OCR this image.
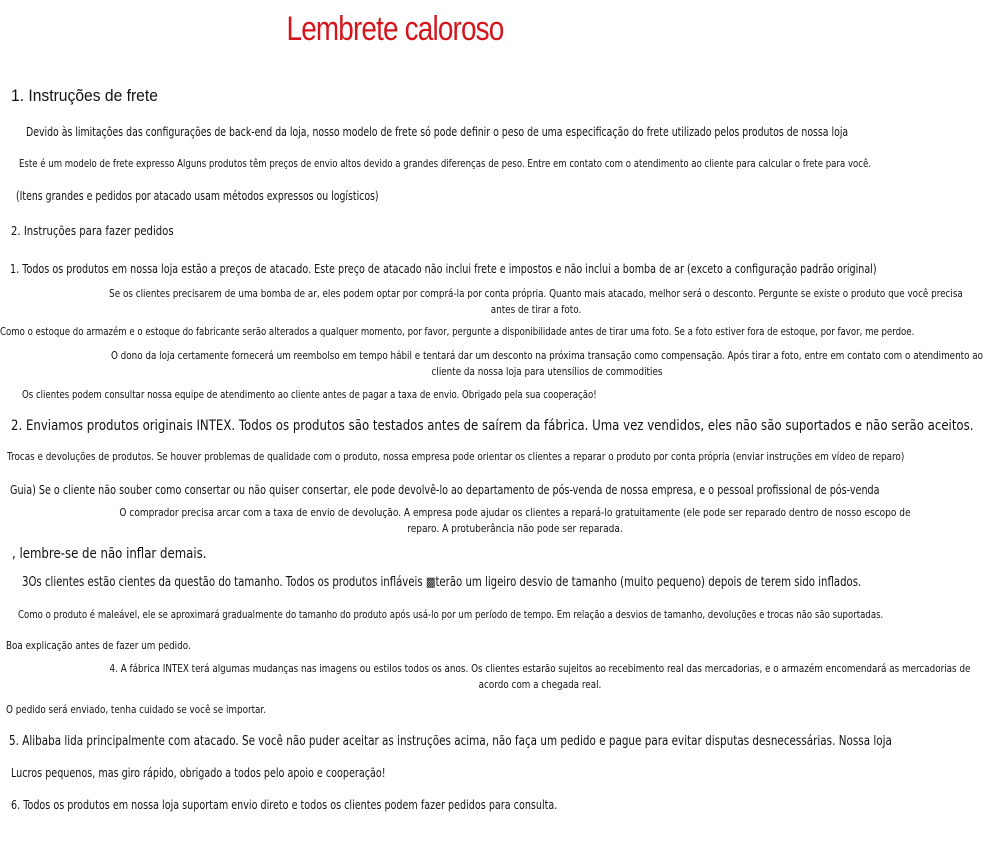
Lembrete caloroso

1. Instruções de frete

Devido às limitações das configurações de back-end da loja, nosso modelo de frete só pode definir o peso de uma especificação do frete utilizado pelos produtos de nossa loja

Este é um modelo de frete expresso Alguns produtos têm preços de envio altos devido a grandes diferenças de peso. Entre em contato com o atendimento ao cliente para calcular o frete para você.

(Itens grandes e pedidos por atacado usam métodos expressos ou logísticos)

2. Instruções para fazer pedidos

1. Todos os produtos em nossa loja estão a preços de atacado. Este preço de atacado não inclui frete e impostos e não inclui a bomba de ar (exceto a configuração padrão original)

Se os clientes precisarem de uma bomba de ar, eles podem optar por comprá-la por conta própria. Quanto mais atacado, melhor será o desconto. Pergunte se existe o produto que você precisa antes de tirar a foto.

Como o estoque do armazém e o estoque do fabricante serão alterados a qualquer momento, por favor, pergunte a disponibilidade antes de tirar uma foto. Se a foto estiver fora de estoque, por favor, me perdoe.

O dono da loja certamente fornecerá um reembolso em tempo hábil e tentará dar um desconto na próxima transação como compensação. Após tirar a foto, entre em contato com o atendimento ao cliente da nossa loja para utensílios de commodities

Os clientes podem consultar nossa equipe de atendimento ao cliente antes de pagar a taxa de envio. Obrigado pela sua cooperação!

2. Enviamos produtos originais INTEX. Todos os produtos são testados antes de saírem da fábrica. Uma vez vendidos, eles não são suportados e não serão aceitos.

Trocas e devoluções de produtos. Se houver problemas de qualidade com o produto, nossa empresa pode orientar os clientes a reparar o produto por conta própria (enviar instruções em vídeo de reparo)

Guia) Se o cliente não souber como consertar ou não quiser consertar, ele pode devolvê-lo ao departamento de pós-venda de nossa empresa, e o pessoal profissional de pós-venda

O comprador precisa arcar com a taxa de envio de devolução. A empresa pode ajudar os clientes a repará-lo gratuitamente (ele pode ser reparado dentro de nosso escopo de reparo. A protuberância não pode ser reparada.

, lembre-se de não inflar demais.

3Os clientes estão cientes da questão do tamanho. Todos os produtos infláveis ▩terão um ligeiro desvio de tamanho (muito pequeno) depois de terem sido inflados.

Como o produto é maleável, ele se aproximará gradualmente do tamanho do produto após usá-lo por um período de tempo. Em relação a desvios de tamanho, devoluções e trocas não são suportadas.

Boa explicação antes de fazer um pedido.

4. A fábrica INTEX terá algumas mudanças nas imagens ou estilos todos os anos. Os clientes estarão sujeitos ao recebimento real das mercadorias, e o armazém encomendará as mercadorias de acordo com a chegada real.

O pedido será enviado, tenha cuidado se você se importar.

5. Alibaba lida principalmente com atacado. Se você não puder aceitar as instruções acima, não faça um pedido e pague para evitar disputas desnecessárias. Nossa loja

Lucros pequenos, mas giro rápido, obrigado a todos pelo apoio e cooperação!

6. Todos os produtos em nossa loja suportam envio direto e todos os clientes podem fazer pedidos para consulta.
